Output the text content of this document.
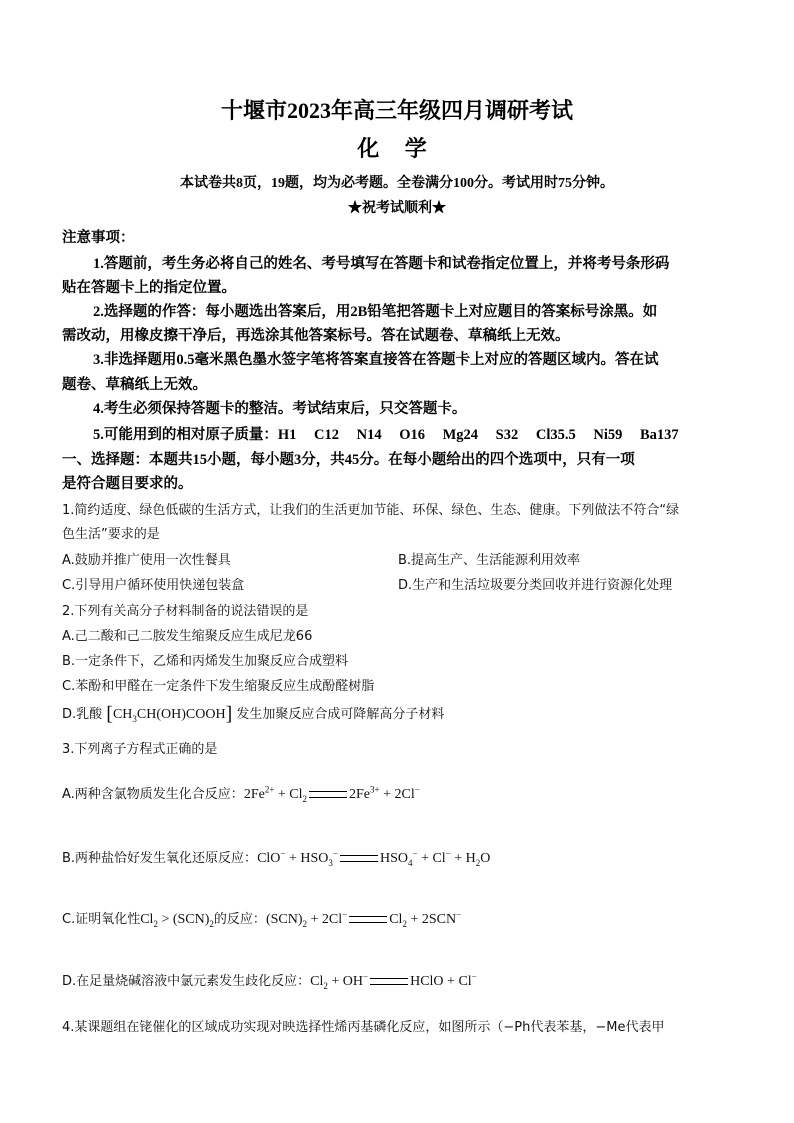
十堰市2023年高三年级四月调研考试
化 学
本试卷共8页，19题，均为必考题。全卷满分100分。考试用时75分钟。
★祝考试顺利★
注意事项：
1.答题前，考生务必将自己的姓名、考号填写在答题卡和试卷指定位置上，并将考号条形码
贴在答题卡上的指定位置。
2.选择题的作答：每小题选出答案后，用2B铅笔把答题卡上对应题目的答案标号涂黑。如
需改动，用橡皮擦干净后，再选涂其他答案标号。答在试题卷、草稿纸上无效。
3.非选择题用0.5毫米黑色墨水签字笔将答案直接答在答题卡上对应的答题区域内。答在试
题卷、草稿纸上无效。
4.考生必须保持答题卡的整洁。考试结束后，只交答题卡。
5.可能用到的相对原子质量：H1 C12 N14 O16 Mg24 S32 Cl35.5 Ni59 Ba137
一、选择题：本题共15小题，每小题3分，共45分。在每小题给出的四个选项中，只有一项
是符合题目要求的。
1.简约适度、绿色低碳的生活方式，让我们的生活更加节能、环保、绿色、生态、健康。下列做法不符合“绿
色生活”要求的是
A.鼓励并推广使用一次性餐具	B.提高生产、生活能源利用效率
C.引导用户循环使用快递包装盒	D.生产和生活垃圾要分类回收并进行资源化处理
2.下列有关高分子材料制备的说法错误的是
A.己二酸和己二胺发生缩聚反应生成尼龙66
B.一定条件下，乙烯和丙烯发生加聚反应合成塑料
C.苯酚和甲醛在一定条件下发生缩聚反应生成酚醛树脂
D.乳酸 $[CH_3CH(OH)COOH]$ 发生加聚反应合成可降解高分子材料
3.下列离子方程式正确的是
A.两种含氯物质发生化合反应：$2Fe^{2+} + Cl_2$	$2Fe^{3+} + 2Cl^-$
B.两种盐恰好发生氧化还原反应：$ClO^- + HSO_3^-$	$HSO_4^- + Cl^- + H_2O$
C.证明氧化性$Cl_2 > (SCN)_2$的反应：$(SCN)_2 + 2Cl^-$	$Cl_2 + 2SCN^-$
D.在足量烧碱溶液中氯元素发生歧化反应：$Cl_2 + OH^-$	HClO + Cl−
4.某课题组在铑催化的区域成功实现对映选择性烯丙基磷化反应，如图所示（−Ph代表苯基，−Me代表甲
